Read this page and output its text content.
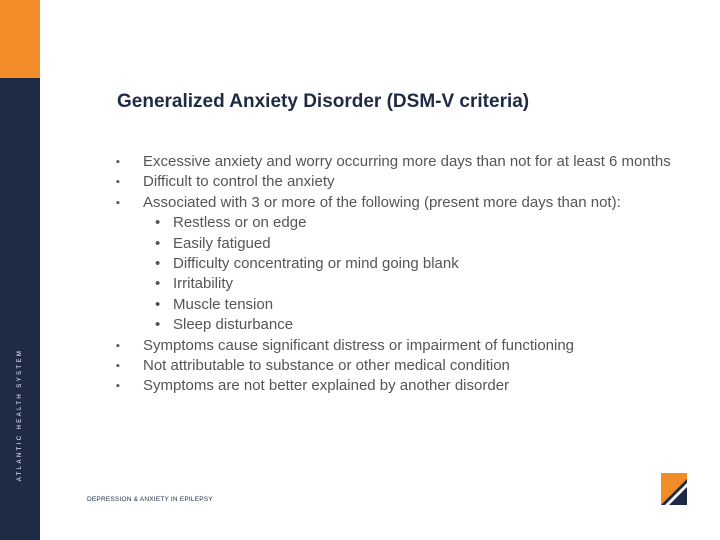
ATLANTIC HEALTH SYSTEM
Generalized Anxiety Disorder (DSM-V criteria)
▪ Excessive anxiety and worry occurring more days than not for at least 6 months
▪ Difficult to control the anxiety
▪ Associated with 3 or more of the following (present more days than not):
• Restless or on edge
• Easily fatigued
• Difficulty concentrating or mind going blank
• Irritability
• Muscle tension
• Sleep disturbance
▪ Symptoms cause significant distress or impairment of functioning
▪ Not attributable to substance or other medical condition
▪ Symptoms are not better explained by another disorder
DEPRESSION & ANXIETY IN EPILEPSY
